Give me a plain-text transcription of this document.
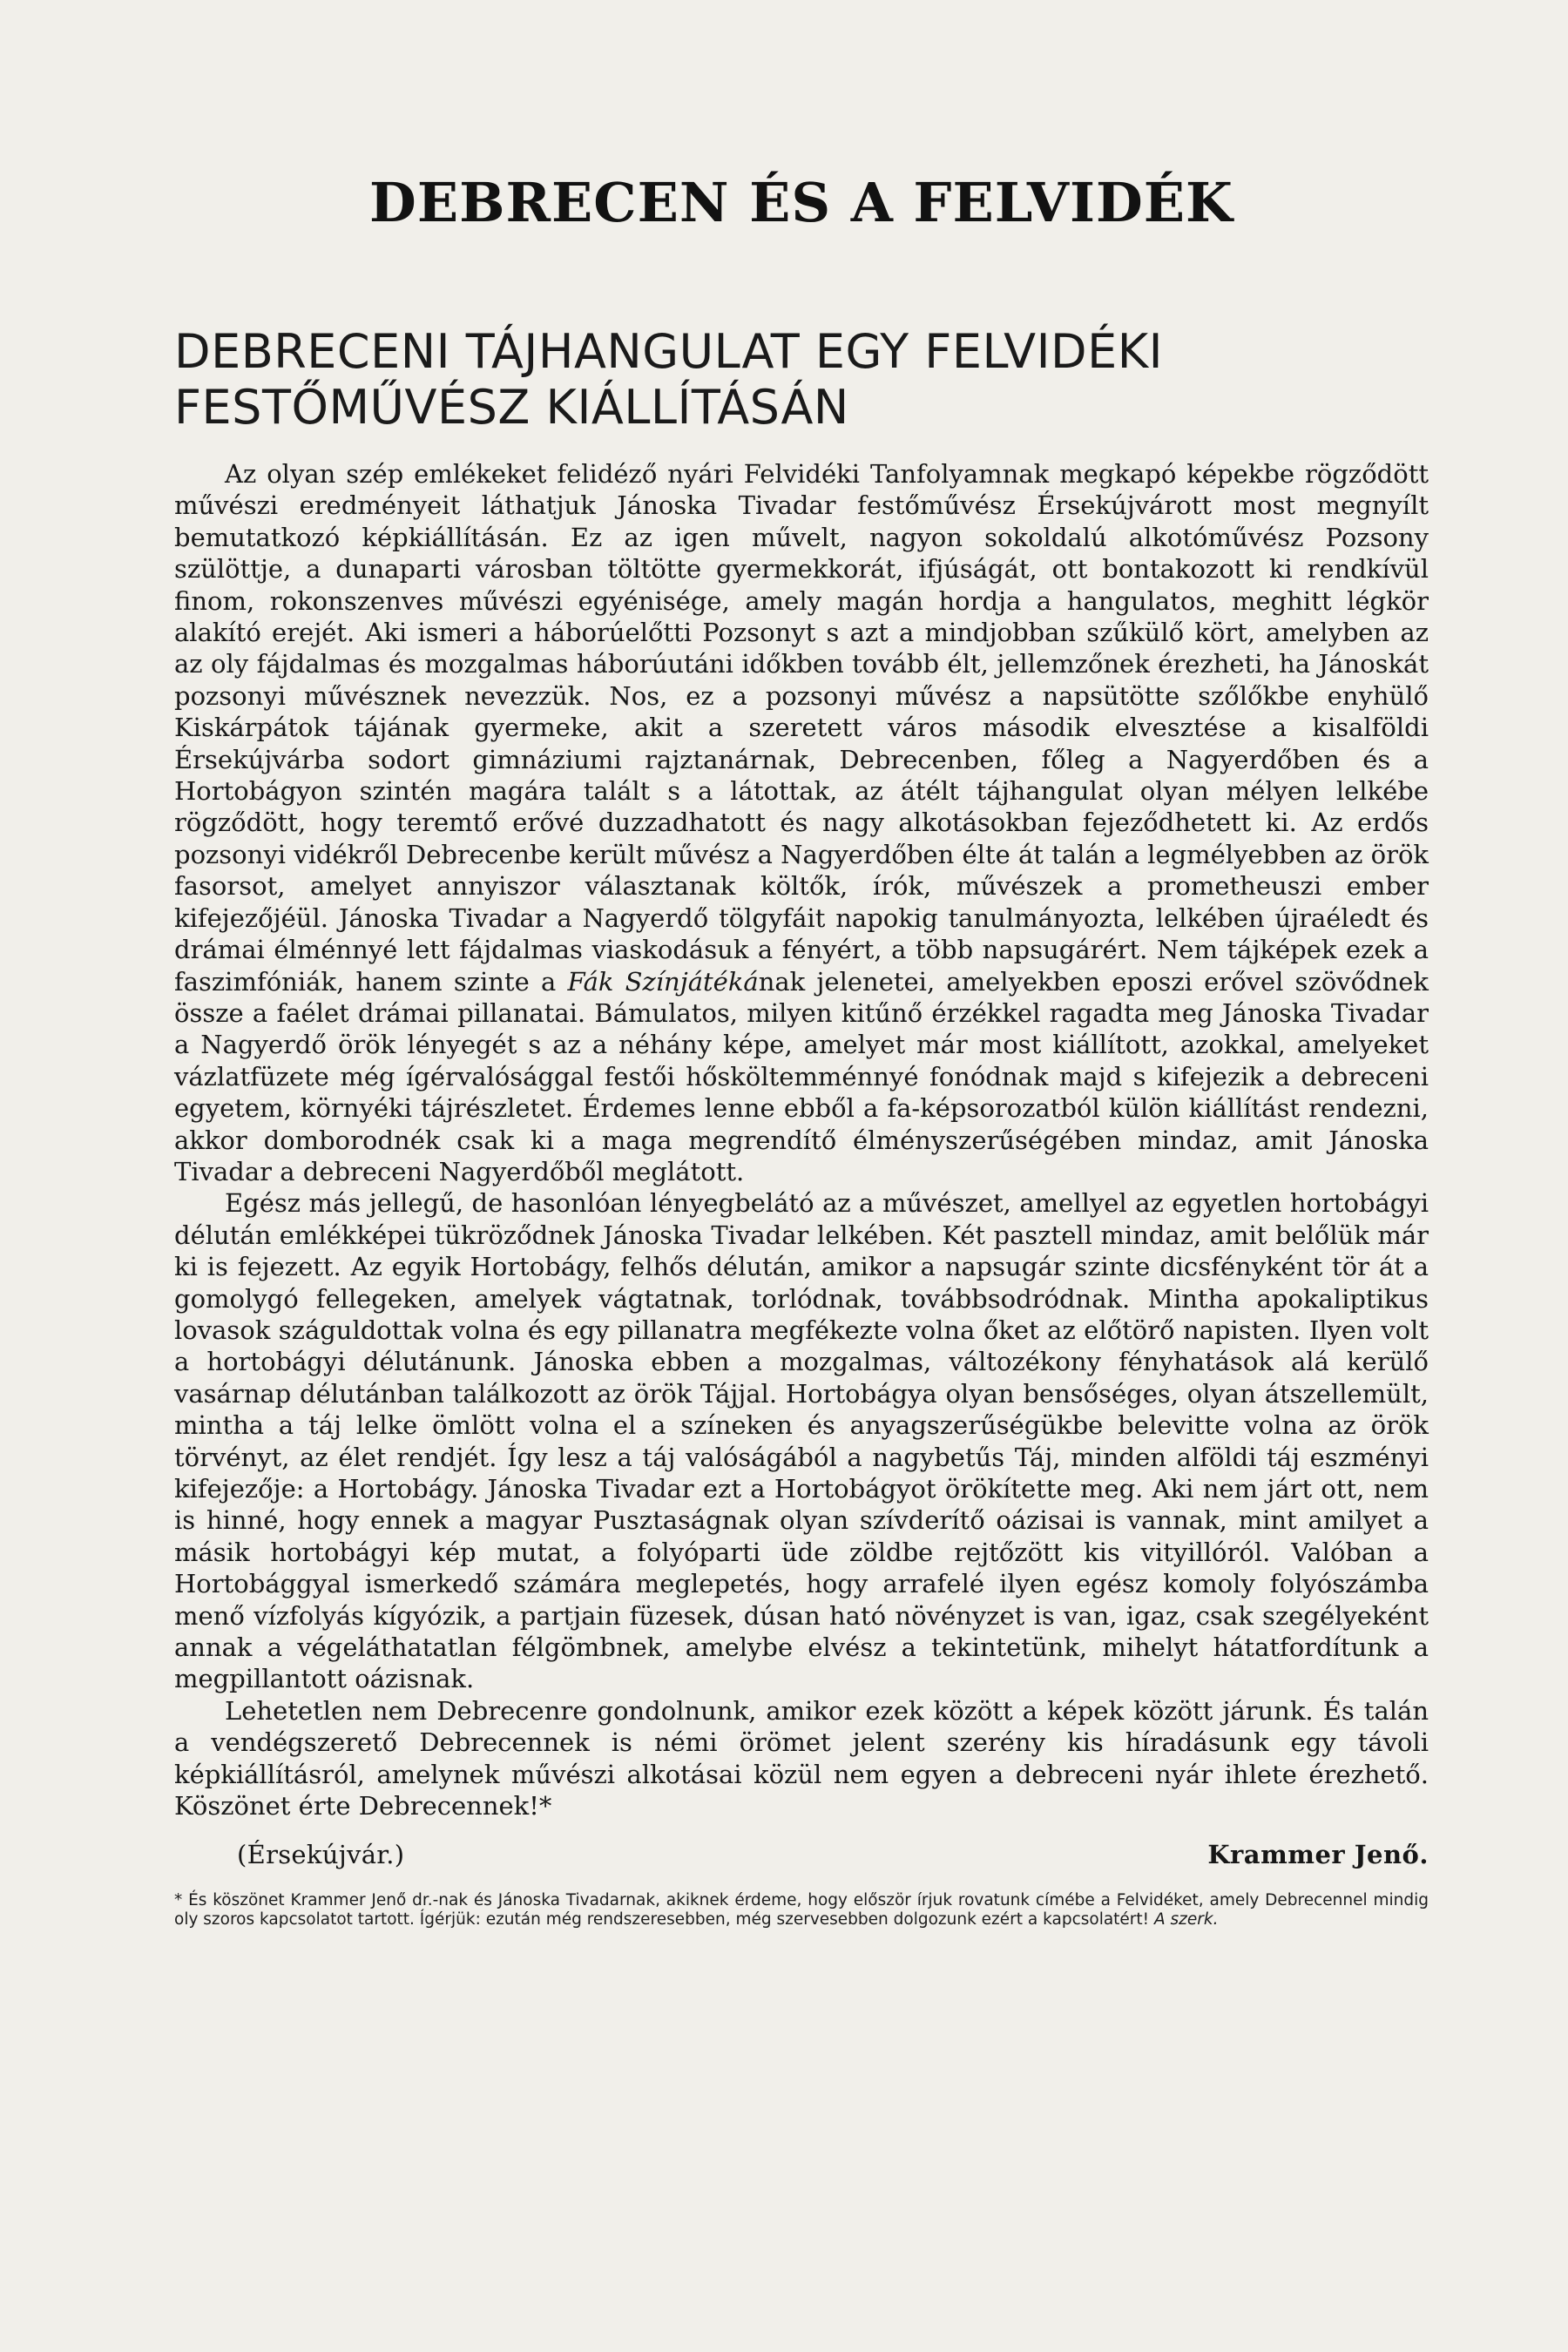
DEBRECEN ÉS A FELVIDÉK
DEBRECENI TÁJHANGULAT EGY FELVIDÉKI
FESTŐMŰVÉSZ KIÁLLÍTÁSÁN

Az olyan szép emlékeket felidéző nyári Felvidéki Tanfolyamnak megkapó képekbe rögződött művészi eredményeit láthatjuk Jánoska Tivadar festőművész Érsekújvárott most megnyílt bemutatkozó képkiállításán. Ez az igen művelt, nagyon sokoldalú alkotóművész Pozsony szülöttje, a dunaparti városban töltötte gyermekkorát, ifjúságát, ott bontakozott ki rendkívül finom, rokonszenves művészi egyénisége, amely magán hordja a hangulatos, meghitt légkör alakító erejét. Aki ismeri a háborúelőtti Pozsonyt s azt a mindjobban szűkülő kört, amelyben az az oly fájdalmas és mozgalmas háborúutáni időkben tovább élt, jellemzőnek érezheti, ha Jánoskát pozsonyi művésznek nevezzük. Nos, ez a pozsonyi művész a napsütötte szőlőkbe enyhülő Kiskárpátok tájának gyermeke, akit a szeretett város második elvesztése a kisalföldi Érsekújvárba sodort gimnáziumi rajztanárnak, Debrecenben, főleg a Nagyerdőben és a Hortobágyon szintén magára talált s a látottak, az átélt tájhangulat olyan mélyen lelkébe rögződött, hogy teremtő erővé duzzadhatott és nagy alkotásokban fejeződhetett ki. Az erdős pozsonyi vidékről Debrecenbe került művész a Nagyerdőben élte át talán a legmélyebben az örök fasorsot, amelyet annyiszor választanak költők, írók, művészek a prometheuszi ember kifejezőjéül. Jánoska Tivadar a Nagyerdő tölgyfáit napokig tanulmányozta, lelkében újraéledt és drámai élménnyé lett fájdalmas viaskodásuk a fényért, a több napsugárért. Nem tájképek ezek a faszimfóniák, hanem szinte a Fák Színjátékának jelenetei, amelyekben eposzi erővel szövődnek össze a faélet drámai pillanatai. Bámulatos, milyen kitűnő érzékkel ragadta meg Jánoska Tivadar a Nagyerdő örök lényegét s az a néhány képe, amelyet már most kiállított, azokkal, amelyeket vázlatfüzete még ígérvalósággal festői hősköltemménnyé fonódnak majd s kifejezik a debreceni egyetem, környéki tájrészletet. Érdemes lenne ebből a fa-képsorozatból külön kiállítást rendezni, akkor domborodnék csak ki a maga megrendítő élményszerűségében mindaz, amit Jánoska Tivadar a debreceni Nagyerdőből meglátott.

Egész más jellegű, de hasonlóan lényegbelátó az a művészet, amellyel az egyetlen hortobágyi délután emlékképei tükröződnek Jánoska Tivadar lelkében. Két pasztell mindaz, amit belőlük már ki is fejezett. Az egyik Hortobágy, felhős délután, amikor a napsugár szinte dicsfényként tör át a gomolygó fellegeken, amelyek vágtatnak, torlódnak, továbbsodródnak. Mintha apokaliptikus lovasok száguldottak volna és egy pillanatra megfékezte volna őket az előtörő napisten. Ilyen volt a hortobágyi délutánunk. Jánoska ebben a mozgalmas, változékony fényhatások alá kerülő vasárnap délutánban találkozott az örök Tájjal. Hortobágya olyan bensőséges, olyan átszellemült, mintha a táj lelke ömlött volna el a színeken és anyagszerűségükbe belevitte volna az örök törvényt, az élet rendjét. Így lesz a táj valóságából a nagybetűs Táj, minden alföldi táj eszményi kifejezője: a Hortobágy. Jánoska Tivadar ezt a Hortobágyot örökítette meg. Aki nem járt ott, nem is hinné, hogy ennek a magyar Pusztaságnak olyan szívderítő oázisai is vannak, mint amilyet a másik hortobágyi kép mutat, a folyóparti üde zöldbe rejtőzött kis vityillóról. Valóban a Hortobággyal ismerkedő számára meglepetés, hogy arrafelé ilyen egész komoly folyószámba menő vízfolyás kígyózik, a partjain füzesek, dúsan ható növényzet is van, igaz, csak szegélyeként annak a végeláthatatlan félgömbnek, amelybe elvész a tekintetünk, mihelyt hátatfordítunk a megpillantott oázisnak.

Lehetetlen nem Debrecenre gondolnunk, amikor ezek között a képek között járunk. És talán a vendégszerető Debrecennek is némi örömet jelent szerény kis híradásunk egy távoli képkiállításról, amelynek művészi alkotásai közül nem egyen a debreceni nyár ihlete érezhető. Köszönet érte Debrecennek!*

(Érsekújvár.)	Krammer Jenő.
* És köszönet Krammer Jenő dr.-nak és Jánoska Tivadarnak, akiknek érdeme, hogy először írjuk rovatunk címébe a Felvidéket, amely Debrecennel mindig oly szoros kapcsolatot tartott. Ígérjük: ezután még rendszeresebben, még szervesebben dolgozunk ezért a kapcsolatért! A szerk.
